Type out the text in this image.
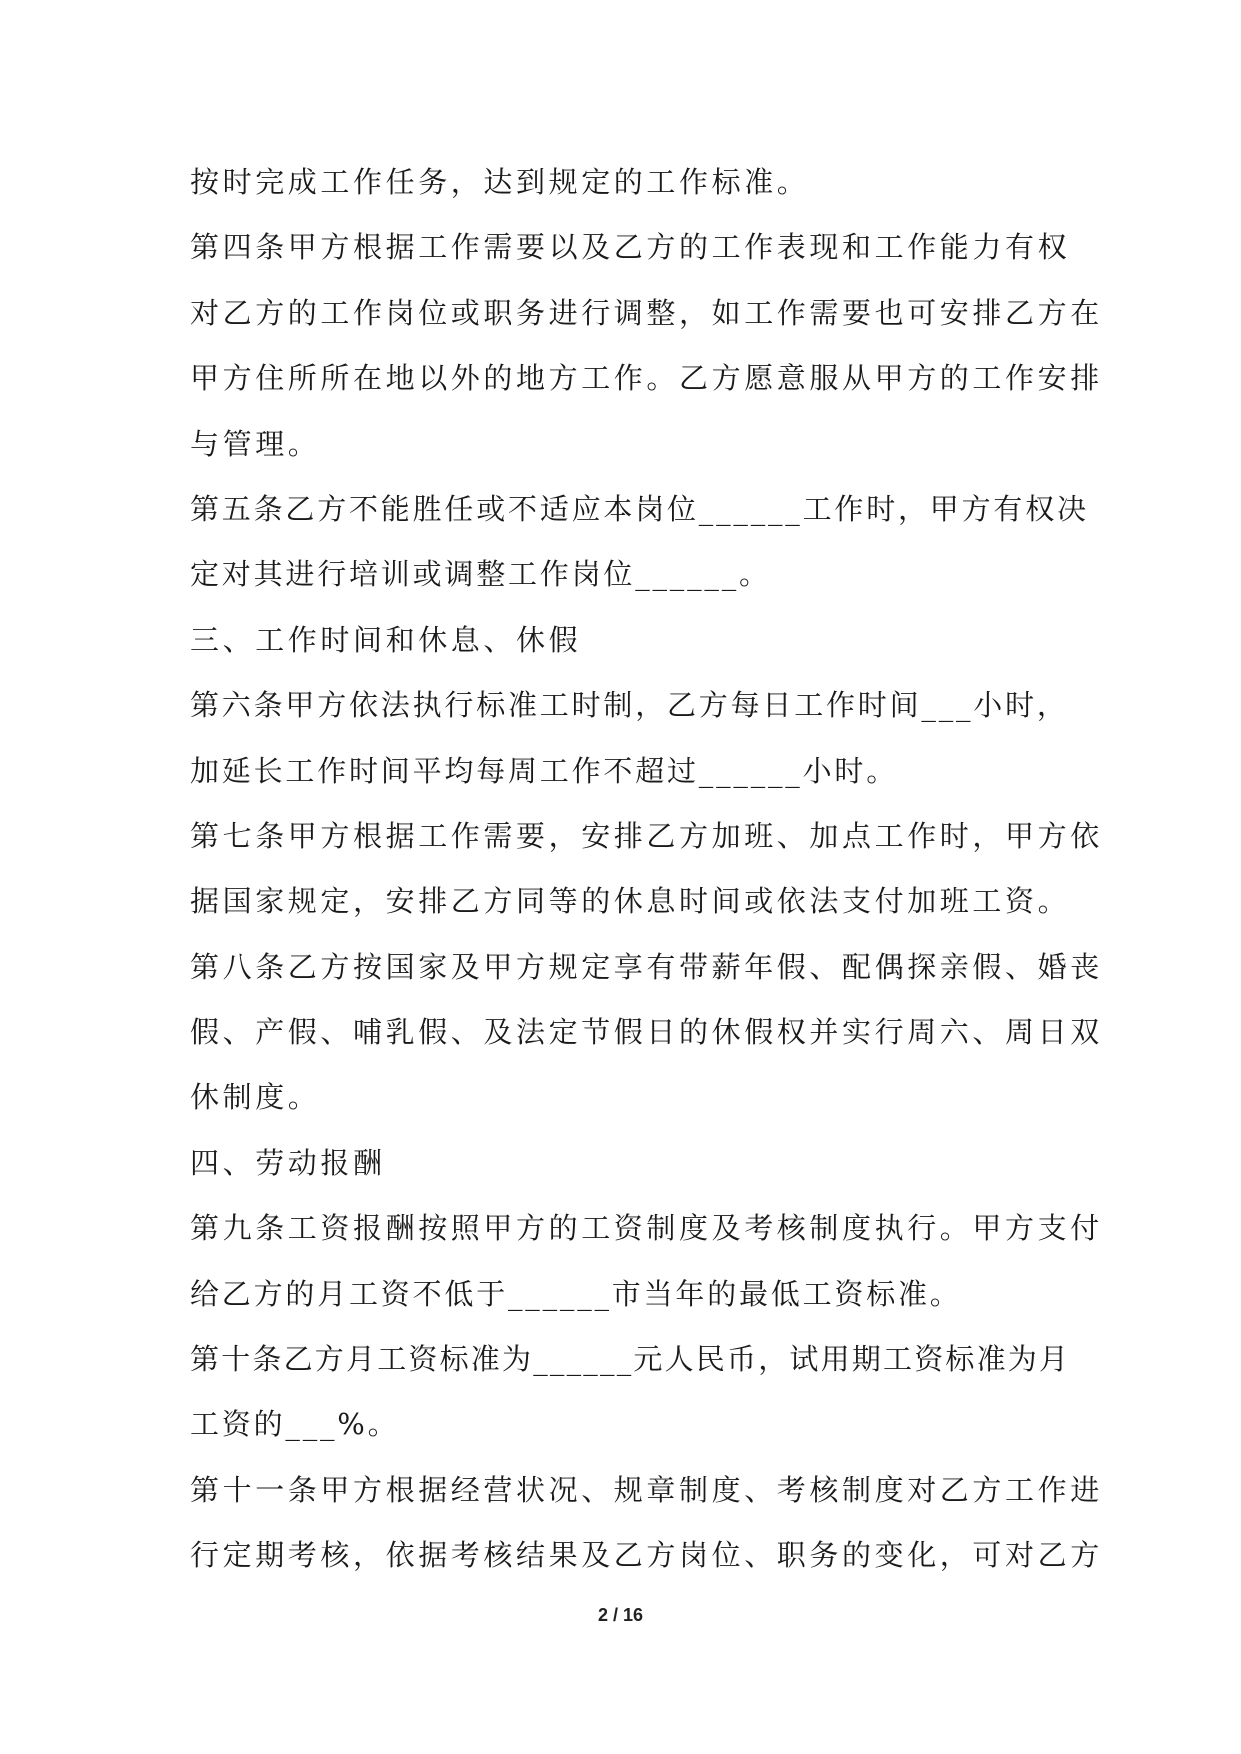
按时完成工作任务，达到规定的工作标准。
第四条甲方根据工作需要以及乙方的工作表现和工作能力有权
对乙方的工作岗位或职务进行调整，如工作需要也可安排乙方在
甲方住所所在地以外的地方工作。乙方愿意服从甲方的工作安排
与管理。
第五条乙方不能胜任或不适应本岗位______工作时，甲方有权决
定对其进行培训或调整工作岗位______。
三、工作时间和休息、休假
第六条甲方依法执行标准工时制，乙方每日工作时间___小时，
加延长工作时间平均每周工作不超过______小时。
第七条甲方根据工作需要，安排乙方加班、加点工作时，甲方依
据国家规定，安排乙方同等的休息时间或依法支付加班工资。
第八条乙方按国家及甲方规定享有带薪年假、配偶探亲假、婚丧
假、产假、哺乳假、及法定节假日的休假权并实行周六、周日双
休制度。
四、劳动报酬
第九条工资报酬按照甲方的工资制度及考核制度执行。甲方支付
给乙方的月工资不低于______市当年的最低工资标准。
第十条乙方月工资标准为______元人民币，试用期工资标准为月
工资的___%。
第十一条甲方根据经营状况、规章制度、考核制度对乙方工作进
行定期考核，依据考核结果及乙方岗位、职务的变化，可对乙方
2 / 16
